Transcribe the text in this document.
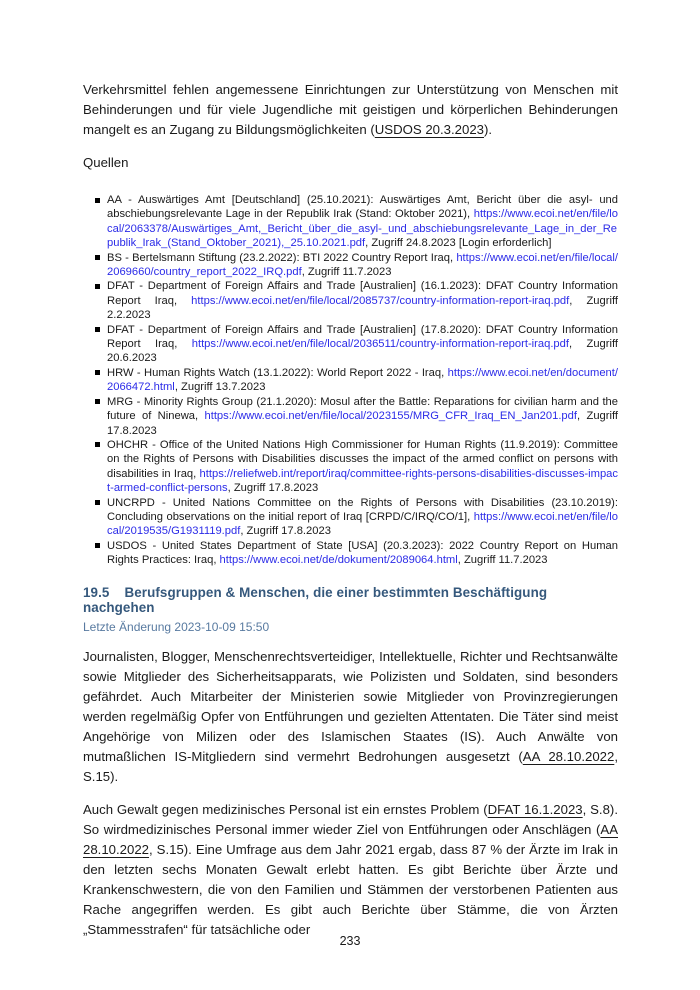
Verkehrsmittel fehlen angemessene Einrichtungen zur Unterstützung von Menschen mit Behinderungen und für viele Jugendliche mit geistigen und körperlichen Behinderungen mangelt es an Zugang zu Bildungsmöglichkeiten (USDOS 20.3.2023).

Quellen

AA - Auswärtiges Amt [Deutschland] (25.10.2021): Auswärtiges Amt, Bericht über die asyl- und abschiebungsrelevante Lage in der Republik Irak (Stand: Oktober 2021), https://www.ecoi.net/en/file/local/2063378/Auswärtiges_Amt,_Bericht_über_die_asyl-_und_abschiebungsrelevante_Lage_in_der_Republik_Irak_(Stand_Oktober_2021),_25.10.2021.pdf, Zugriff 24.8.2023 [Login erforderlich]
BS - Bertelsmann Stiftung (23.2.2022): BTI 2022 Country Report Iraq, https://www.ecoi.net/en/file/local/2069660/country_report_2022_IRQ.pdf, Zugriff 11.7.2023
DFAT - Department of Foreign Affairs and Trade [Australien] (16.1.2023): DFAT Country Information Report Iraq, https://www.ecoi.net/en/file/local/2085737/country-information-report-iraq.pdf, Zugriff 2.2.2023
DFAT - Department of Foreign Affairs and Trade [Australien] (17.8.2020): DFAT Country Information Report Iraq, https://www.ecoi.net/en/file/local/2036511/country-information-report-iraq.pdf, Zugriff 20.6.2023
HRW - Human Rights Watch (13.1.2022): World Report 2022 - Iraq, https://www.ecoi.net/en/document/2066472.html, Zugriff 13.7.2023
MRG - Minority Rights Group (21.1.2020): Mosul after the Battle: Reparations for civilian harm and the future of Ninewa, https://www.ecoi.net/en/file/local/2023155/MRG_CFR_Iraq_EN_Jan201.pdf, Zugriff 17.8.2023
OHCHR - Office of the United Nations High Commissioner for Human Rights (11.9.2019): Committee on the Rights of Persons with Disabilities discusses the impact of the armed conflict on persons with disabilities in Iraq, https://reliefweb.int/report/iraq/committee-rights-persons-disabilities-discusses-impact-armed-conflict-persons, Zugriff 17.8.2023
UNCRPD - United Nations Committee on the Rights of Persons with Disabilities (23.10.2019): Concluding observations on the initial report of Iraq [CRPD/C/IRQ/CO/1], https://www.ecoi.net/en/file/local/2019535/G1931119.pdf, Zugriff 17.8.2023
USDOS - United States Department of State [USA] (20.3.2023): 2022 Country Report on Human Rights Practices: Iraq, https://www.ecoi.net/de/dokument/2089064.html, Zugriff 11.7.2023
19.5 Berufsgruppen & Menschen, die einer bestimmten Beschäftigung nachgehen
Letzte Änderung 2023-10-09 15:50

Journalisten, Blogger, Menschenrechtsverteidiger, Intellektuelle, Richter und Rechtsanwälte sowie Mitglieder des Sicherheitsapparats, wie Polizisten und Soldaten, sind besonders gefährdet. Auch Mitarbeiter der Ministerien sowie Mitglieder von Provinzregierungen werden regelmäßig Opfer von Entführungen und gezielten Attentaten. Die Täter sind meist Angehörige von Milizen oder des Islamischen Staates (IS). Auch Anwälte von mutmaßlichen IS-Mitgliedern sind vermehrt Bedrohungen ausgesetzt (AA 28.10.2022, S.15).

Auch Gewalt gegen medizinisches Personal ist ein ernstes Problem (DFAT 16.1.2023, S.8). So wirdmedizinisches Personal immer wieder Ziel von Entführungen oder Anschlägen (AA 28.10.2022, S.15). Eine Umfrage aus dem Jahr 2021 ergab, dass 87 % der Ärzte im Irak in den letzten sechs Monaten Gewalt erlebt hatten. Es gibt Berichte über Ärzte und Krankenschwestern, die von den Familien und Stämmen der verstorbenen Patienten aus Rache angegriffen werden. Es gibt auch Berichte über Stämme, die von Ärzten „Stammesstrafen“ für tatsächliche oder

233
